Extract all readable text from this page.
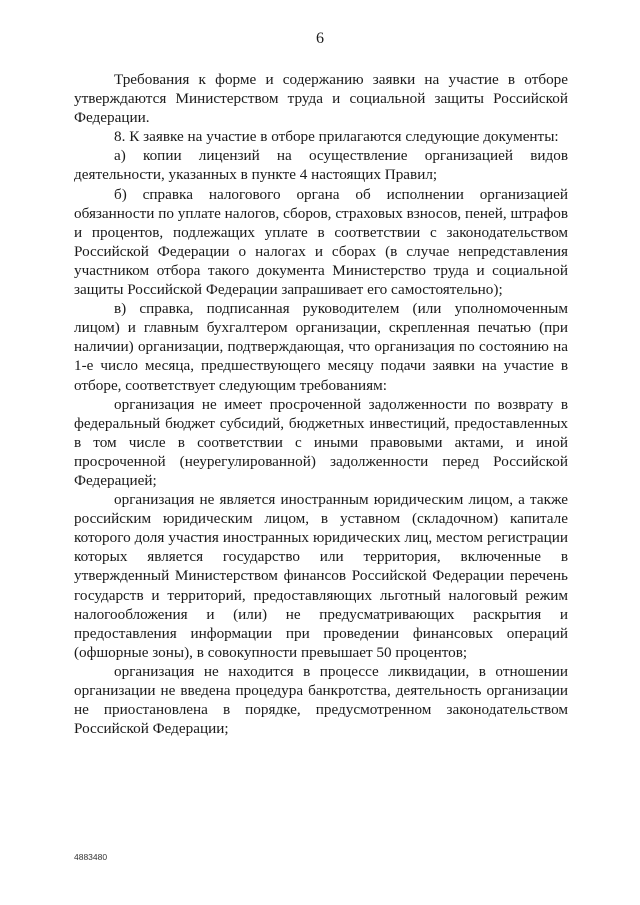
6

Требования к форме и содержанию заявки на участие в отборе утверждаются Министерством труда и социальной защиты Российской Федерации.

8. К заявке на участие в отборе прилагаются следующие документы:

а) копии лицензий на осуществление организацией видов деятельности, указанных в пункте 4 настоящих Правил;

б) справка налогового органа об исполнении организацией обязанности по уплате налогов, сборов, страховых взносов, пеней, штрафов и процентов, подлежащих уплате в соответствии с законодательством Российской Федерации о налогах и сборах (в случае непредставления участником отбора такого документа Министерство труда и социальной защиты Российской Федерации запрашивает его самостоятельно);

в) справка, подписанная руководителем (или уполномоченным лицом) и главным бухгалтером организации, скрепленная печатью (при наличии) организации, подтверждающая, что организация по состоянию на 1-е число месяца, предшествующего месяцу подачи заявки на участие в отборе, соответствует следующим требованиям:

организация не имеет просроченной задолженности по возврату в федеральный бюджет субсидий, бюджетных инвестиций, предоставленных в том числе в соответствии с иными правовыми актами, и иной просроченной (неурегулированной) задолженности перед Российской Федерацией;

организация не является иностранным юридическим лицом, а также российским юридическим лицом, в уставном (складочном) капитале которого доля участия иностранных юридических лиц, местом регистрации которых является государство или территория, включенные в утвержденный Министерством финансов Российской Федерации перечень государств и территорий, предоставляющих льготный налоговый режим налогообложения и (или) не предусматривающих раскрытия и предоставления информации при проведении финансовых операций (офшорные зоны), в совокупности превышает 50 процентов;

организация не находится в процессе ликвидации, в отношении организации не введена процедура банкротства, деятельность организации не приостановлена в порядке, предусмотренном законодательством Российской Федерации;

4883480
